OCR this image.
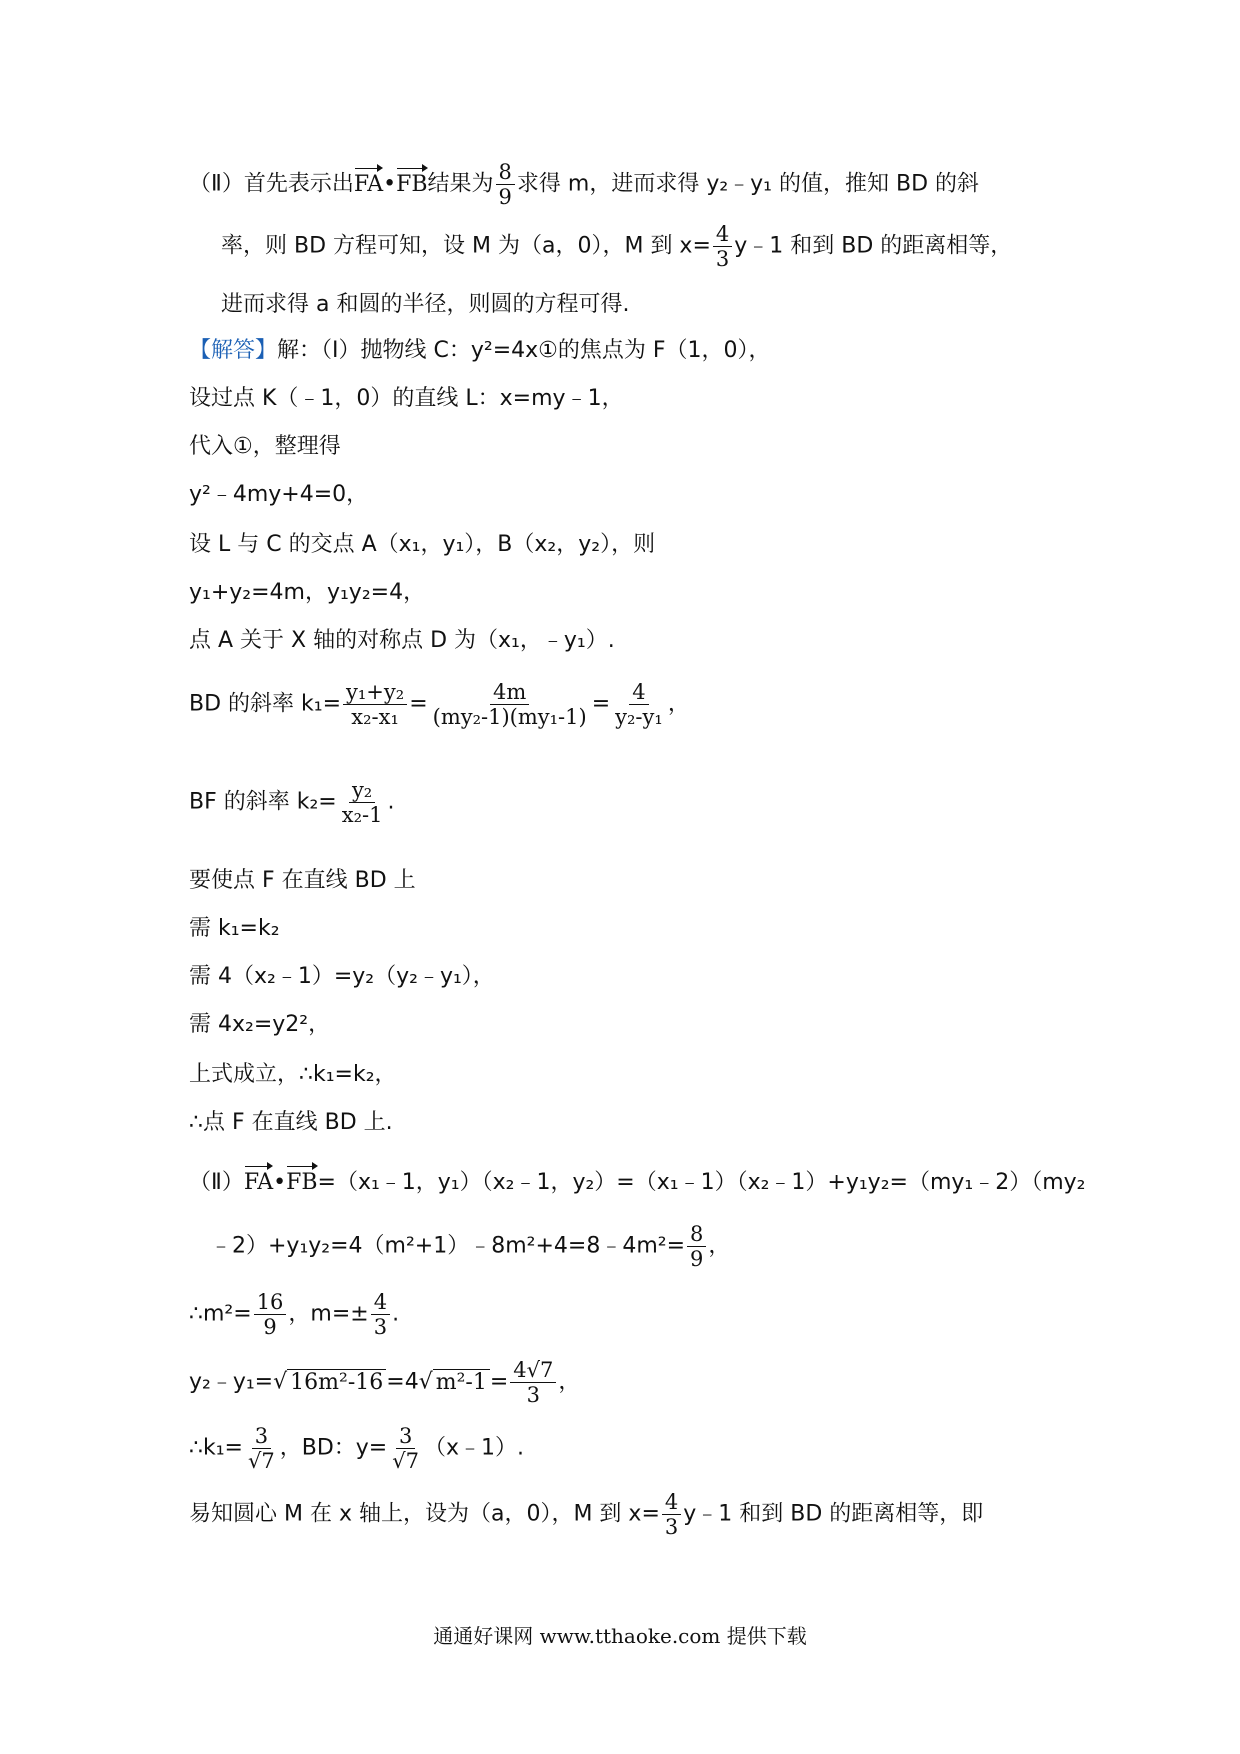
（Ⅱ）首先表示出FA•FB结果为 $\frac{8}{9}$ 求得 m，进而求得 y₂﹣y₁ 的值，推知 BD 的斜
率，则 BD 方程可知，设 M 为（a，0），M 到 $x= \frac{4}{3}$ y﹣1 和到 BD 的距离相等，
进而求得 a 和圆的半径，则圆的方程可得.
【解答】解：（Ⅰ）抛物线 C：y²=4x①的焦点为 F（1，0），
设过点 K（﹣1，0）的直线 L：x=my﹣1，
代入①，整理得
y²﹣4my+4=0，
设 L 与 C 的交点 A（x₁，y₁），B（x₂，y₂），则
y₁+y₂=4m，y₁y₂=4，
点 A 关于 X 轴的对称点 D 为（x₁，﹣y₁）.
BD 的斜率 $k_1= \frac{\text{y₁+y₂}}{\text{x₂-x₁}} = \frac{4m}{\text{(my₂-1)(my₁-1)}} = \frac{4}{\text{y₂-y₁}}$ ，
BF 的斜率 $k_2= \frac{\text{y₂}}{\text{x₂-1}}$ .
要使点 F 在直线 BD 上
需 k₁=k₂
需 4（x₂﹣1）=y₂（y₂﹣y₁），
需 4x₂=y2²，
上式成立，∴k₁=k₂，
∴点 F 在直线 BD 上.
（Ⅱ）FA•FB=（x₁﹣1，y₁）（x₂﹣1，y₂）=（x₁﹣1）（x₂﹣1）+y₁y₂=（my₁﹣2）（my₂
﹣2）+y₁y₂=4（m²+1）﹣8m²+4=8﹣4m²= $\frac{8}{9}$ ，
∴m²= $\frac{16}{9}$ ，$m=\pm \frac{4}{3}$ .
y₂﹣y₁=√ 16m²-16 =4√ $m^2-1 = \frac{4√7}{3}$ ，
∴k₁= $\frac{3}{√7}$ ，BD：$y= \frac{3}{√7}$ （x﹣1）.
易知圆心 M 在 x 轴上，设为（a，0），M 到 $x= \frac{4}{3}$ y﹣1 和到 BD 的距离相等，即
通通好课网 www.tthaoke.com 提供下载
